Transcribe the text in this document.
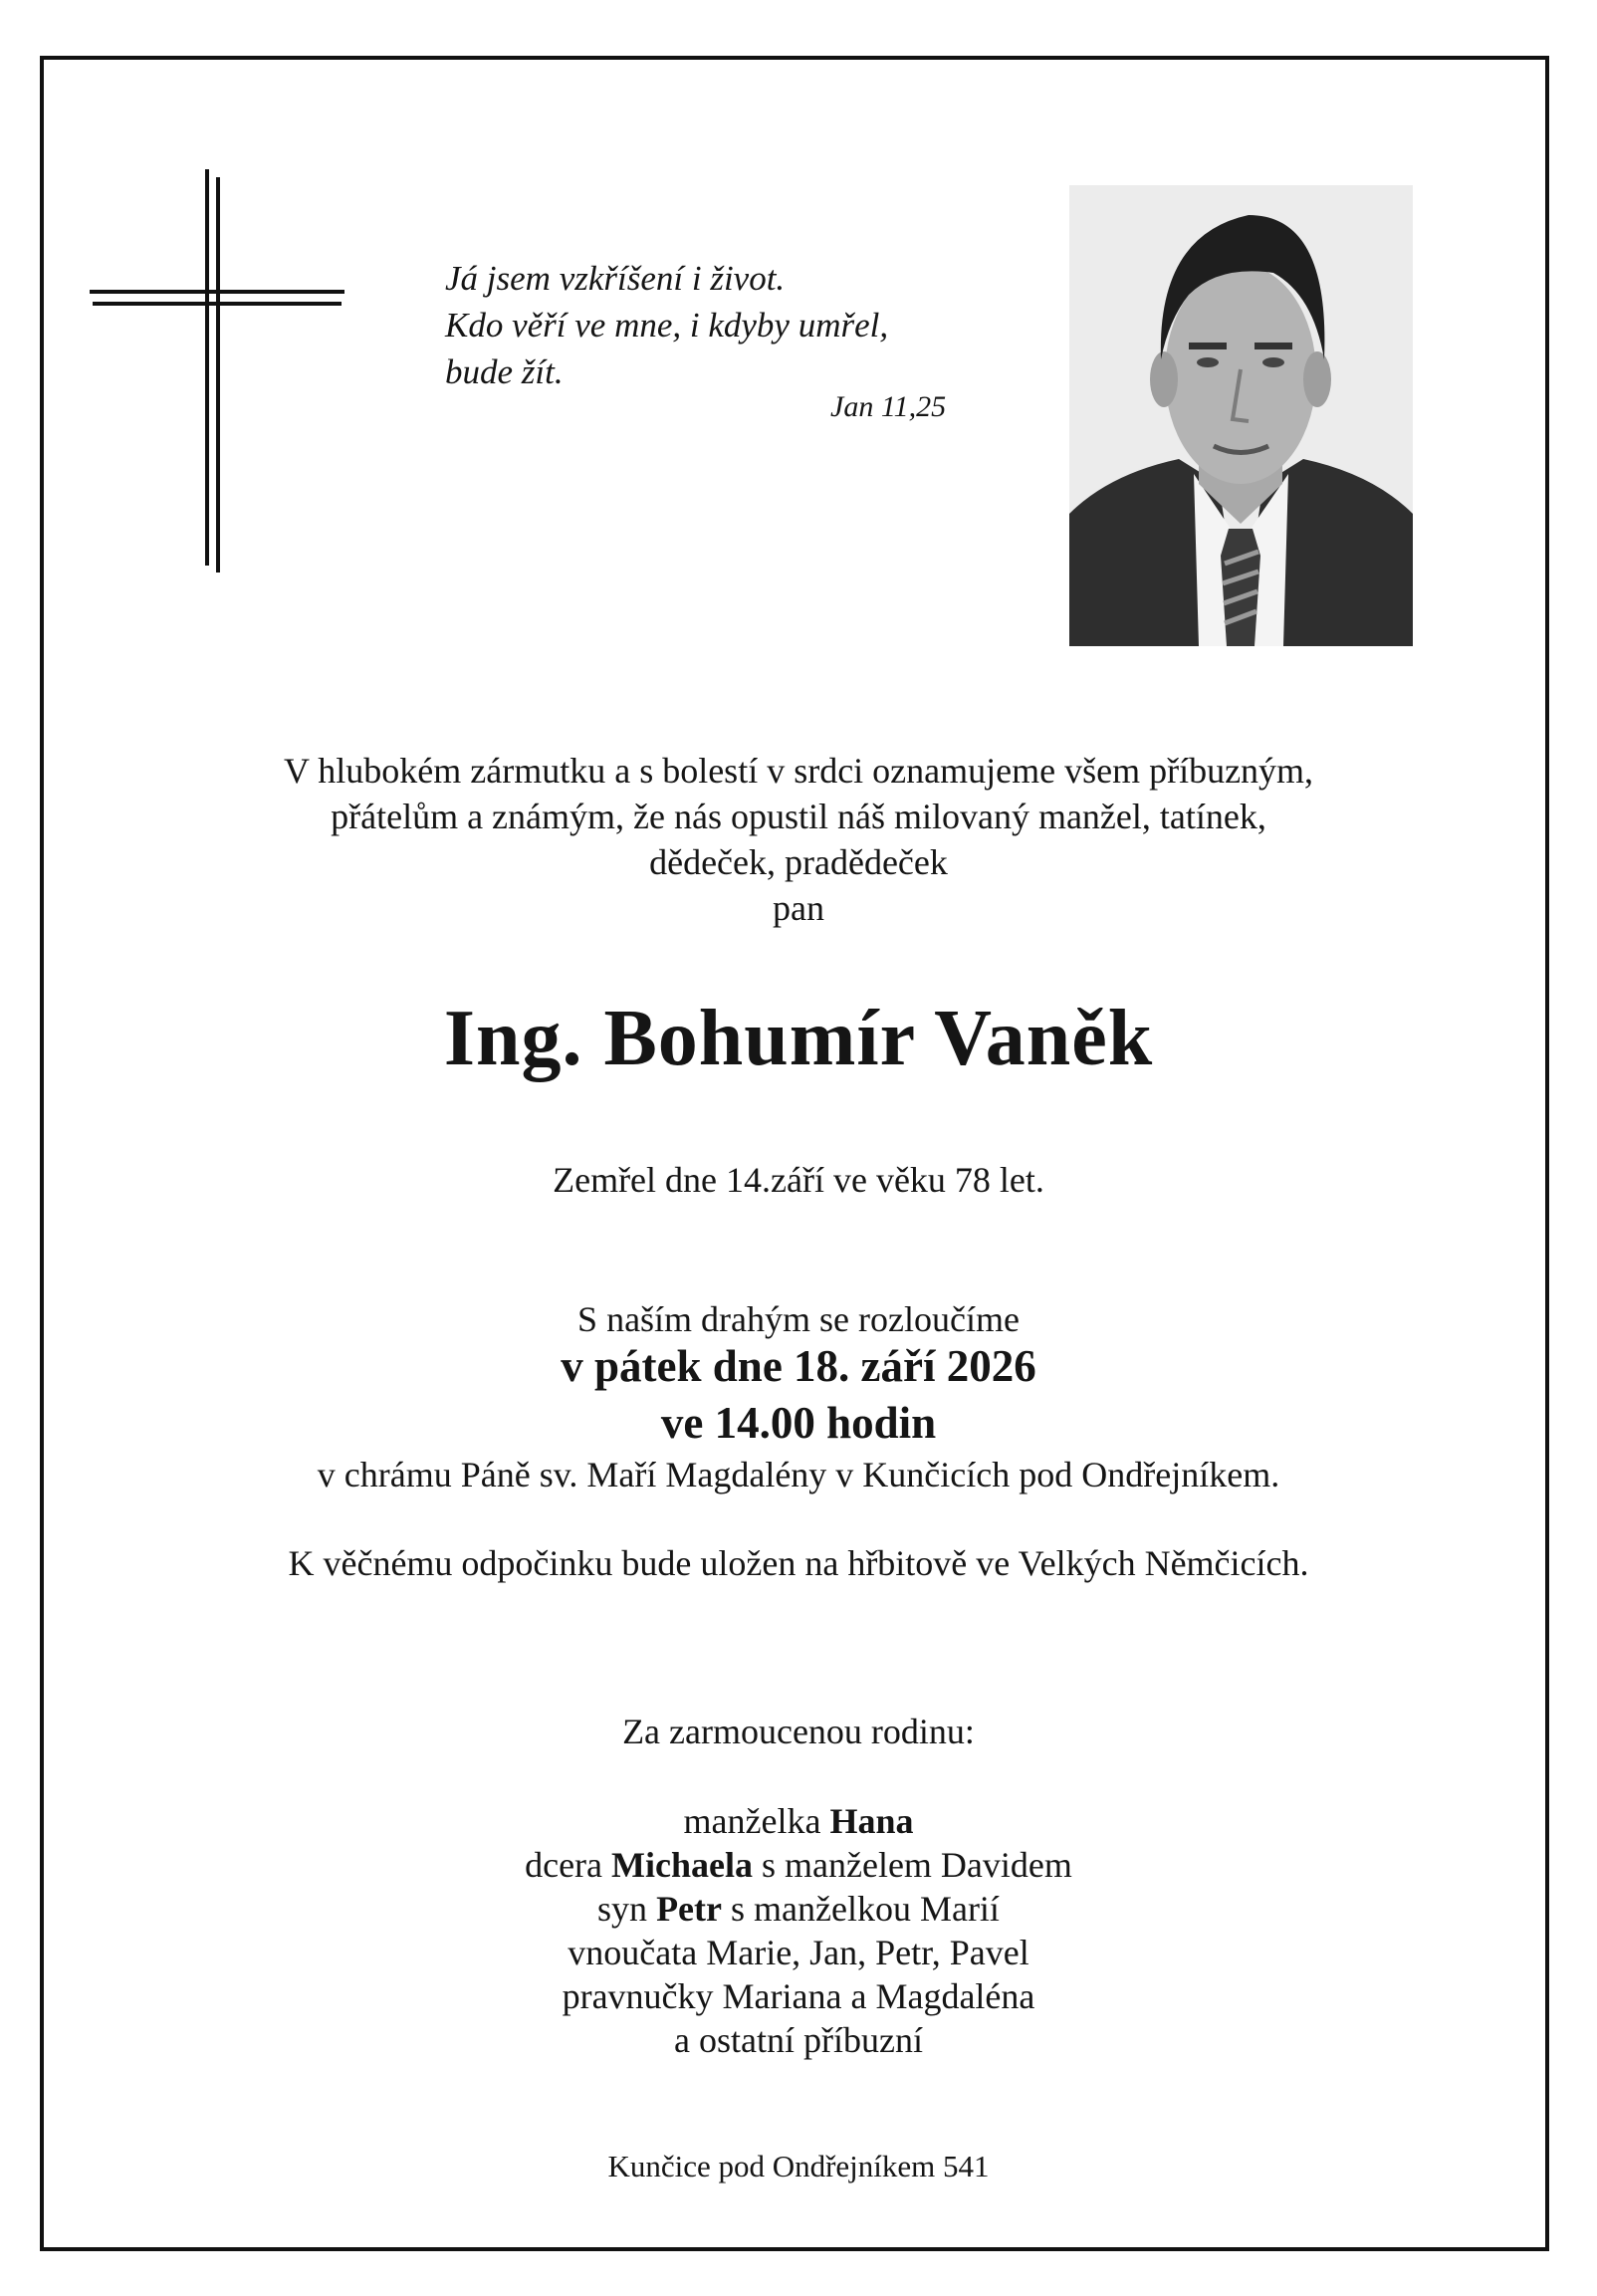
Já jsem vzkříšení i život.
Kdo věří ve mne, i kdyby umřel,
bude žít.
Jan 11,25
V hlubokém zármutku a s bolestí v srdci oznamujeme všem příbuzným,
přátelům a známým, že nás opustil náš milovaný manžel, tatínek,
dědeček, pradědeček
pan
Ing. Bohumír Vaněk
Zemřel dne 14.září ve věku 78 let.
S naším drahým se rozloučíme
v pátek dne 18. září 2026
ve 14.00 hodin
v chrámu Páně sv. Maří Magdalény v Kunčicích pod Ondřejníkem.
K věčnému odpočinku bude uložen na hřbitově ve Velkých Němčicích.
Za zarmoucenou rodinu:
manželka Hana
dcera Michaela s manželem Davidem
syn Petr s manželkou Marií
vnoučata Marie, Jan, Petr, Pavel
pravnučky Mariana a Magdaléna
a ostatní příbuzní
Kunčice pod Ondřejníkem 541
